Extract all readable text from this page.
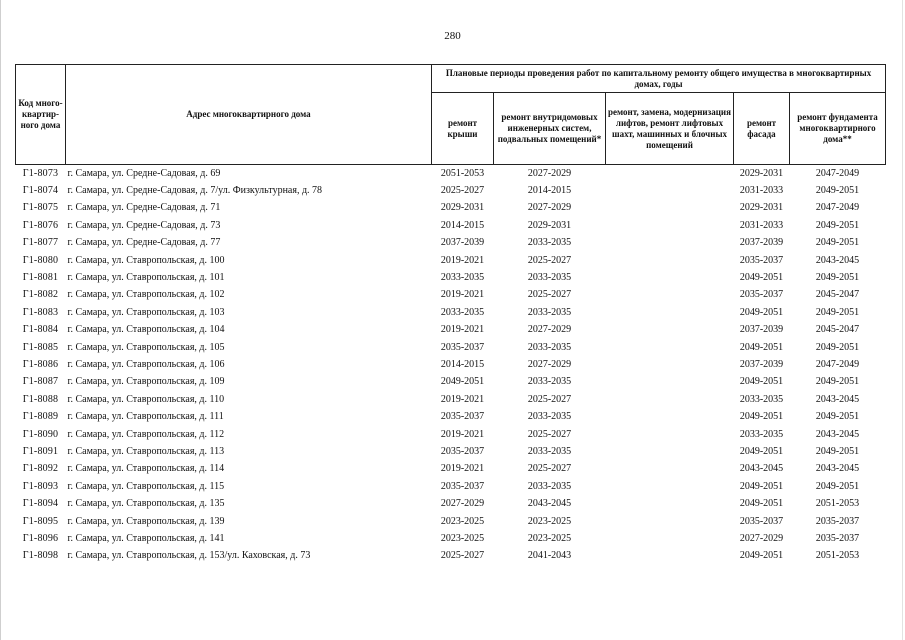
280
Код много-квартир-ного дома	Адрес многоквартирного дома	Плановые периоды проведения работ по капитальному ремонту общего имущества в многоквартирных домах, годы				
		ремонт крыши	ремонт внутридомовых инженерных систем, подвальных помещений*	ремонт, замена, модернизация лифтов, ремонт лифтовых шахт, машинных и блочных помещений	ремонт фасада	ремонт фундамента многоквартирного дома**
Г1-8073	г. Самара, ул. Средне-Садовая, д. 69	2051-2053	2027-2029		2029-2031	2047-2049
Г1-8074	г. Самара, ул. Средне-Садовая, д. 7/ул. Физкультурная, д. 78	2025-2027	2014-2015		2031-2033	2049-2051
Г1-8075	г. Самара, ул. Средне-Садовая, д. 71	2029-2031	2027-2029		2029-2031	2047-2049
Г1-8076	г. Самара, ул. Средне-Садовая, д. 73	2014-2015	2029-2031		2031-2033	2049-2051
Г1-8077	г. Самара, ул. Средне-Садовая, д. 77	2037-2039	2033-2035		2037-2039	2049-2051
Г1-8080	г. Самара, ул. Ставропольская, д. 100	2019-2021	2025-2027		2035-2037	2043-2045
Г1-8081	г. Самара, ул. Ставропольская, д. 101	2033-2035	2033-2035		2049-2051	2049-2051
Г1-8082	г. Самара, ул. Ставропольская, д. 102	2019-2021	2025-2027		2035-2037	2045-2047
Г1-8083	г. Самара, ул. Ставропольская, д. 103	2033-2035	2033-2035		2049-2051	2049-2051
Г1-8084	г. Самара, ул. Ставропольская, д. 104	2019-2021	2027-2029		2037-2039	2045-2047
Г1-8085	г. Самара, ул. Ставропольская, д. 105	2035-2037	2033-2035		2049-2051	2049-2051
Г1-8086	г. Самара, ул. Ставропольская, д. 106	2014-2015	2027-2029		2037-2039	2047-2049
Г1-8087	г. Самара, ул. Ставропольская, д. 109	2049-2051	2033-2035		2049-2051	2049-2051
Г1-8088	г. Самара, ул. Ставропольская, д. 110	2019-2021	2025-2027		2033-2035	2043-2045
Г1-8089	г. Самара, ул. Ставропольская, д. 111	2035-2037	2033-2035		2049-2051	2049-2051
Г1-8090	г. Самара, ул. Ставропольская, д. 112	2019-2021	2025-2027		2033-2035	2043-2045
Г1-8091	г. Самара, ул. Ставропольская, д. 113	2035-2037	2033-2035		2049-2051	2049-2051
Г1-8092	г. Самара, ул. Ставропольская, д. 114	2019-2021	2025-2027		2043-2045	2043-2045
Г1-8093	г. Самара, ул. Ставропольская, д. 115	2035-2037	2033-2035		2049-2051	2049-2051
Г1-8094	г. Самара, ул. Ставропольская, д. 135	2027-2029	2043-2045		2049-2051	2051-2053
Г1-8095	г. Самара, ул. Ставропольская, д. 139	2023-2025	2023-2025		2035-2037	2035-2037
Г1-8096	г. Самара, ул. Ставропольская, д. 141	2023-2025	2023-2025		2027-2029	2035-2037
Г1-8098	г. Самара, ул. Ставропольская, д. 153/ул. Каховская, д. 73	2025-2027	2041-2043		2049-2051	2051-2053
